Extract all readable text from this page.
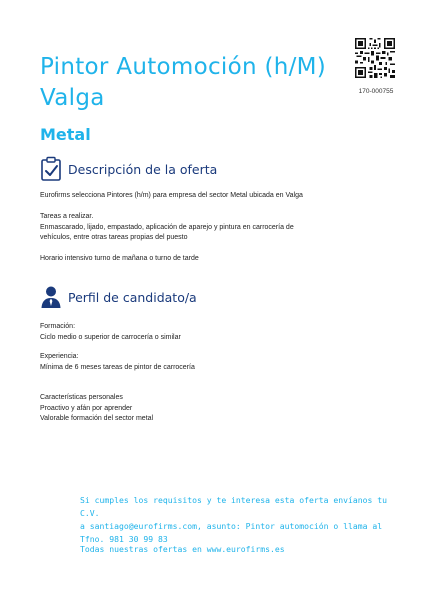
Pintor Automoción (h/M)
Valga	170-000755
Metal
Descripción de la oferta

Eurofirms selecciona Pintores (h/m) para empresa del sector Metal ubicada en Valga

Tareas a realizar.

Enmascarado, lijado, empastado, aplicación de aparejo y pintura en carrocería de

vehículos, entre otras tareas propias del puesto

Horario intensivo turno de mañana o turno de tarde

Perfil de candidato/a

Formación:

Ciclo medio o superior de carrocería o similar

Experiencia:

Mínima de 6 meses tareas de pintor de carrocería

Características personales

Proactivo y afán por aprender

Valorable formación del sector metal

Si cumples los requisitos y te interesa esta oferta envíanos tu C.V.

a santiago@eurofirms.com, asunto: Pintor automoción o llama al

Tfno. 981 30 99 83

Todas nuestras ofertas en www.eurofirms.es
